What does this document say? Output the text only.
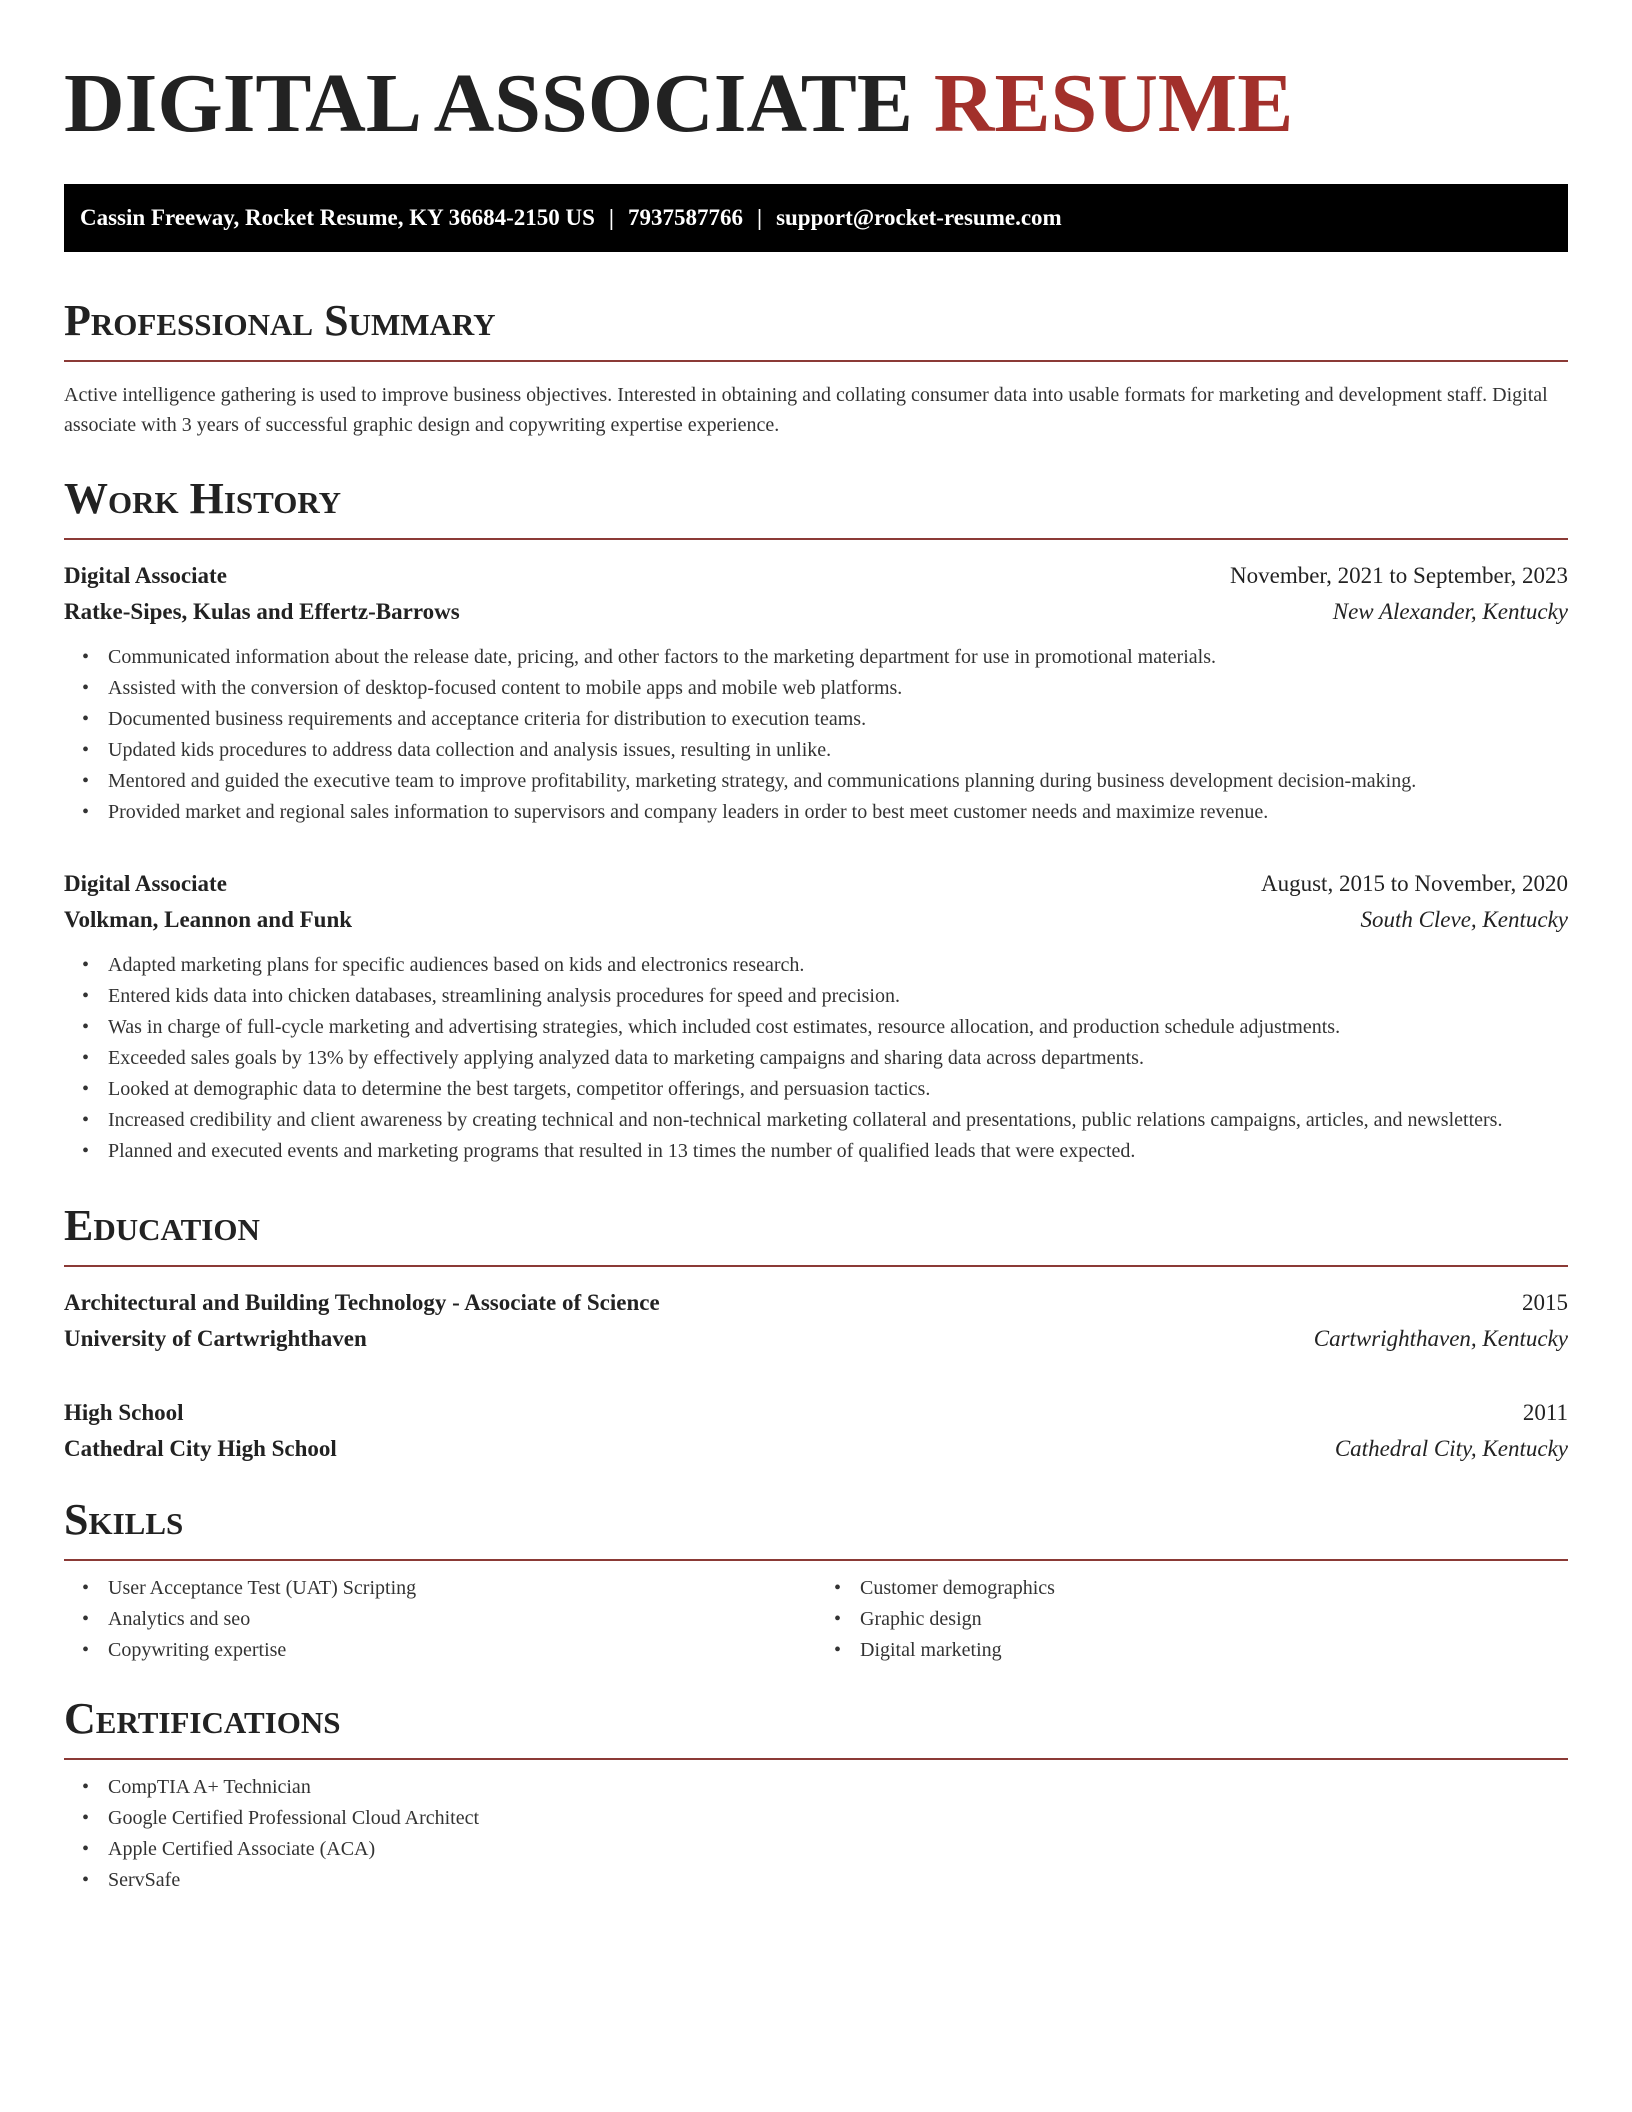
DIGITAL ASSOCIATE RESUME
Cassin Freeway, Rocket Resume, KY 36684-2150 US | 7937587766 | support@rocket-resume.com
Professional Summary

Active intelligence gathering is used to improve business objectives. Interested in obtaining and collating consumer data into usable formats for marketing and development staff. Digital associate with 3 years of successful graphic design and copywriting expertise experience.

Work History
Digital Associate	November, 2021 to September, 2023
Ratke-Sipes, Kulas and Effertz-Barrows	New Alexander, Kentucky
• Communicated information about the release date, pricing, and other factors to the marketing department for use in promotional materials.
• Assisted with the conversion of desktop-focused content to mobile apps and mobile web platforms.
• Documented business requirements and acceptance criteria for distribution to execution teams.
• Updated kids procedures to address data collection and analysis issues, resulting in unlike.
• Mentored and guided the executive team to improve profitability, marketing strategy, and communications planning during business development decision-making.
• Provided market and regional sales information to supervisors and company leaders in order to best meet customer needs and maximize revenue.
Digital Associate	August, 2015 to November, 2020
Volkman, Leannon and Funk	South Cleve, Kentucky
• Adapted marketing plans for specific audiences based on kids and electronics research.
• Entered kids data into chicken databases, streamlining analysis procedures for speed and precision.
• Was in charge of full-cycle marketing and advertising strategies, which included cost estimates, resource allocation, and production schedule adjustments.
• Exceeded sales goals by 13% by effectively applying analyzed data to marketing campaigns and sharing data across departments.
• Looked at demographic data to determine the best targets, competitor offerings, and persuasion tactics.
• Increased credibility and client awareness by creating technical and non-technical marketing collateral and presentations, public relations campaigns, articles, and newsletters.
• Planned and executed events and marketing programs that resulted in 13 times the number of qualified leads that were expected.
Education
Architectural and Building Technology - Associate of Science	2015
University of Cartwrighthaven	Cartwrighthaven, Kentucky
High School	2011
Cathedral City High School	Cathedral City, Kentucky
Skills
• User Acceptance Test (UAT) Scripting
• Analytics and seo
• Copywriting expertise
• Customer demographics
• Graphic design
• Digital marketing
Certifications
• CompTIA A+ Technician
• Google Certified Professional Cloud Architect
• Apple Certified Associate (ACA)
• ServSafe
